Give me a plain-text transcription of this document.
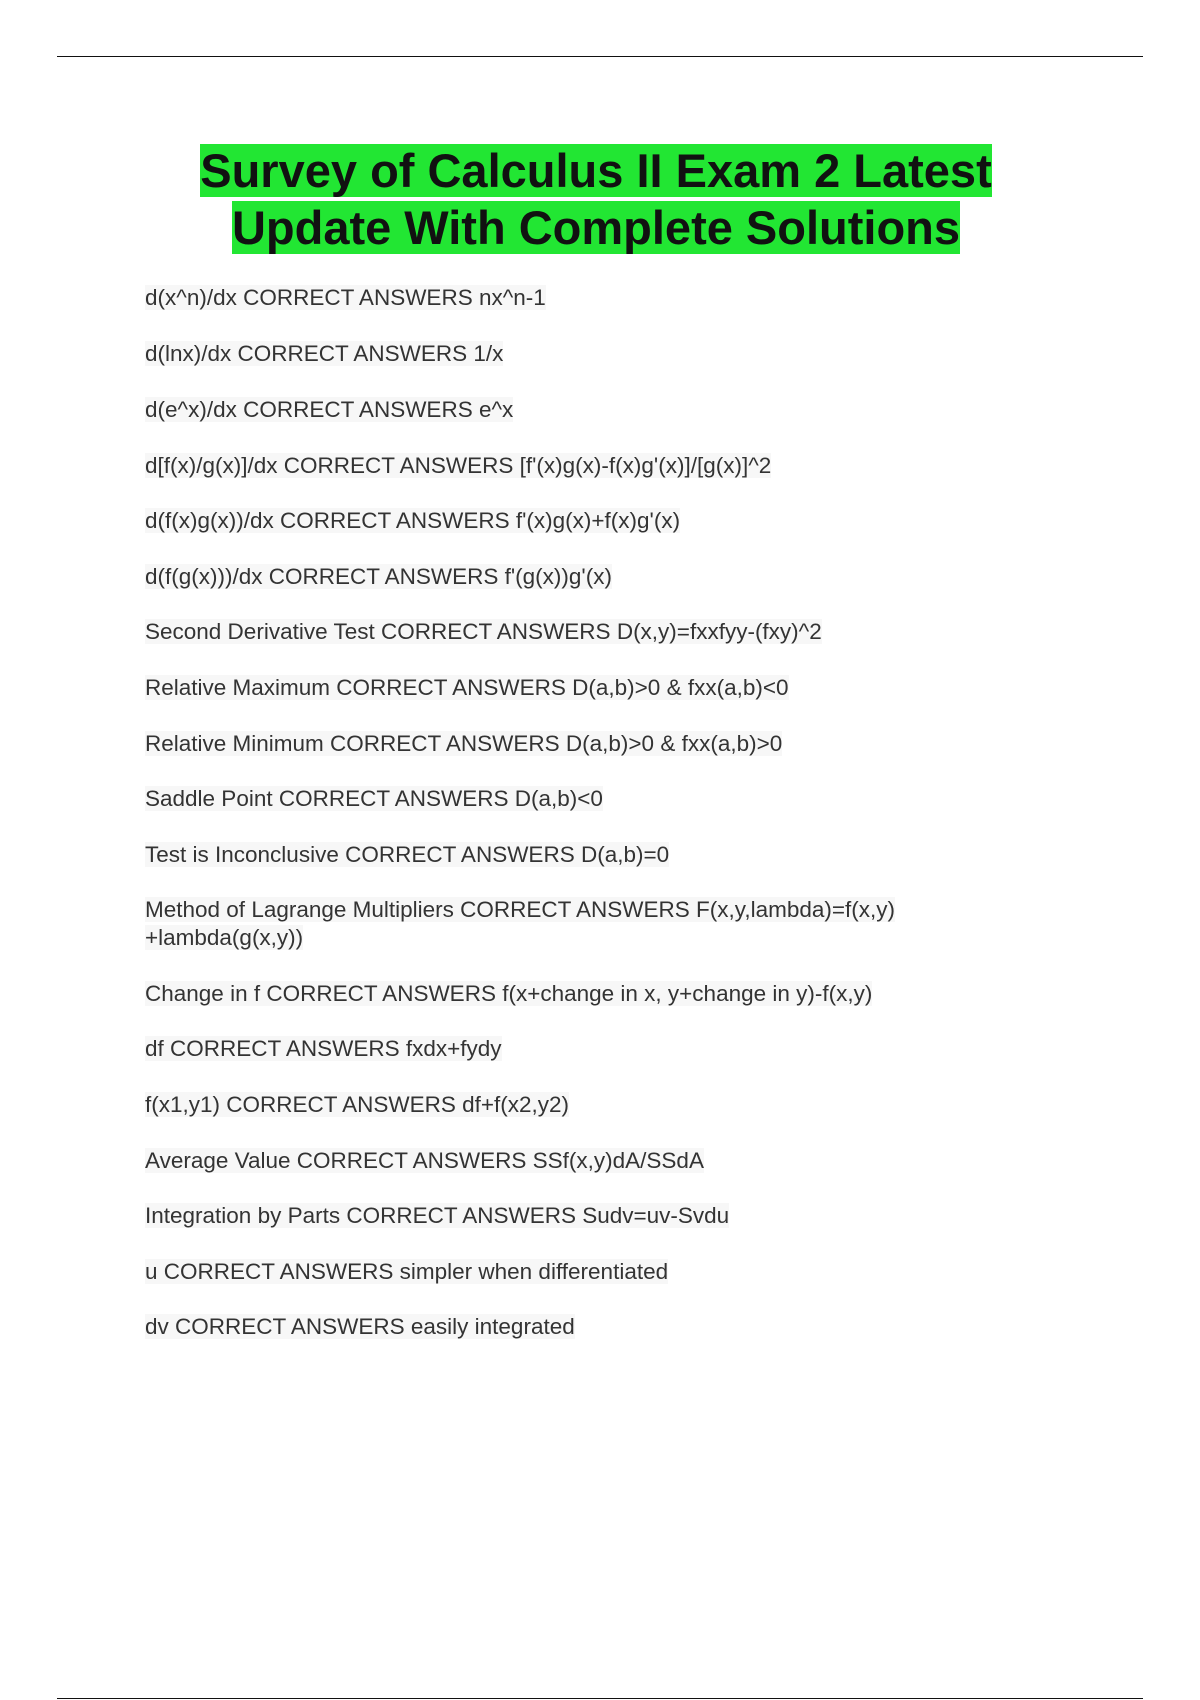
Survey of Calculus II Exam 2 Latest
Update With Complete Solutions
d(x^n)/dx CORRECT ANSWERS nx^n-1
d(lnx)/dx CORRECT ANSWERS 1/x
d(e^x)/dx CORRECT ANSWERS e^x
d[f(x)/g(x)]/dx CORRECT ANSWERS [f'(x)g(x)-f(x)g'(x)]/[g(x)]^2
d(f(x)g(x))/dx CORRECT ANSWERS f'(x)g(x)+f(x)g'(x)
d(f(g(x)))/dx CORRECT ANSWERS f'(g(x))g'(x)
Second Derivative Test CORRECT ANSWERS D(x,y)=fxxfyy-(fxy)^2
Relative Maximum CORRECT ANSWERS D(a,b)>0 & fxx(a,b)<0
Relative Minimum CORRECT ANSWERS D(a,b)>0 & fxx(a,b)>0
Saddle Point CORRECT ANSWERS D(a,b)<0
Test is Inconclusive CORRECT ANSWERS D(a,b)=0
Method of Lagrange Multipliers CORRECT ANSWERS F(x,y,lambda)=f(x,y)
+lambda(g(x,y))
Change in f CORRECT ANSWERS f(x+change in x, y+change in y)-f(x,y)
df CORRECT ANSWERS fxdx+fydy
f(x1,y1) CORRECT ANSWERS df+f(x2,y2)
Average Value CORRECT ANSWERS SSf(x,y)dA/SSdA
Integration by Parts CORRECT ANSWERS Sudv=uv-Svdu
u CORRECT ANSWERS simpler when differentiated
dv CORRECT ANSWERS easily integrated
